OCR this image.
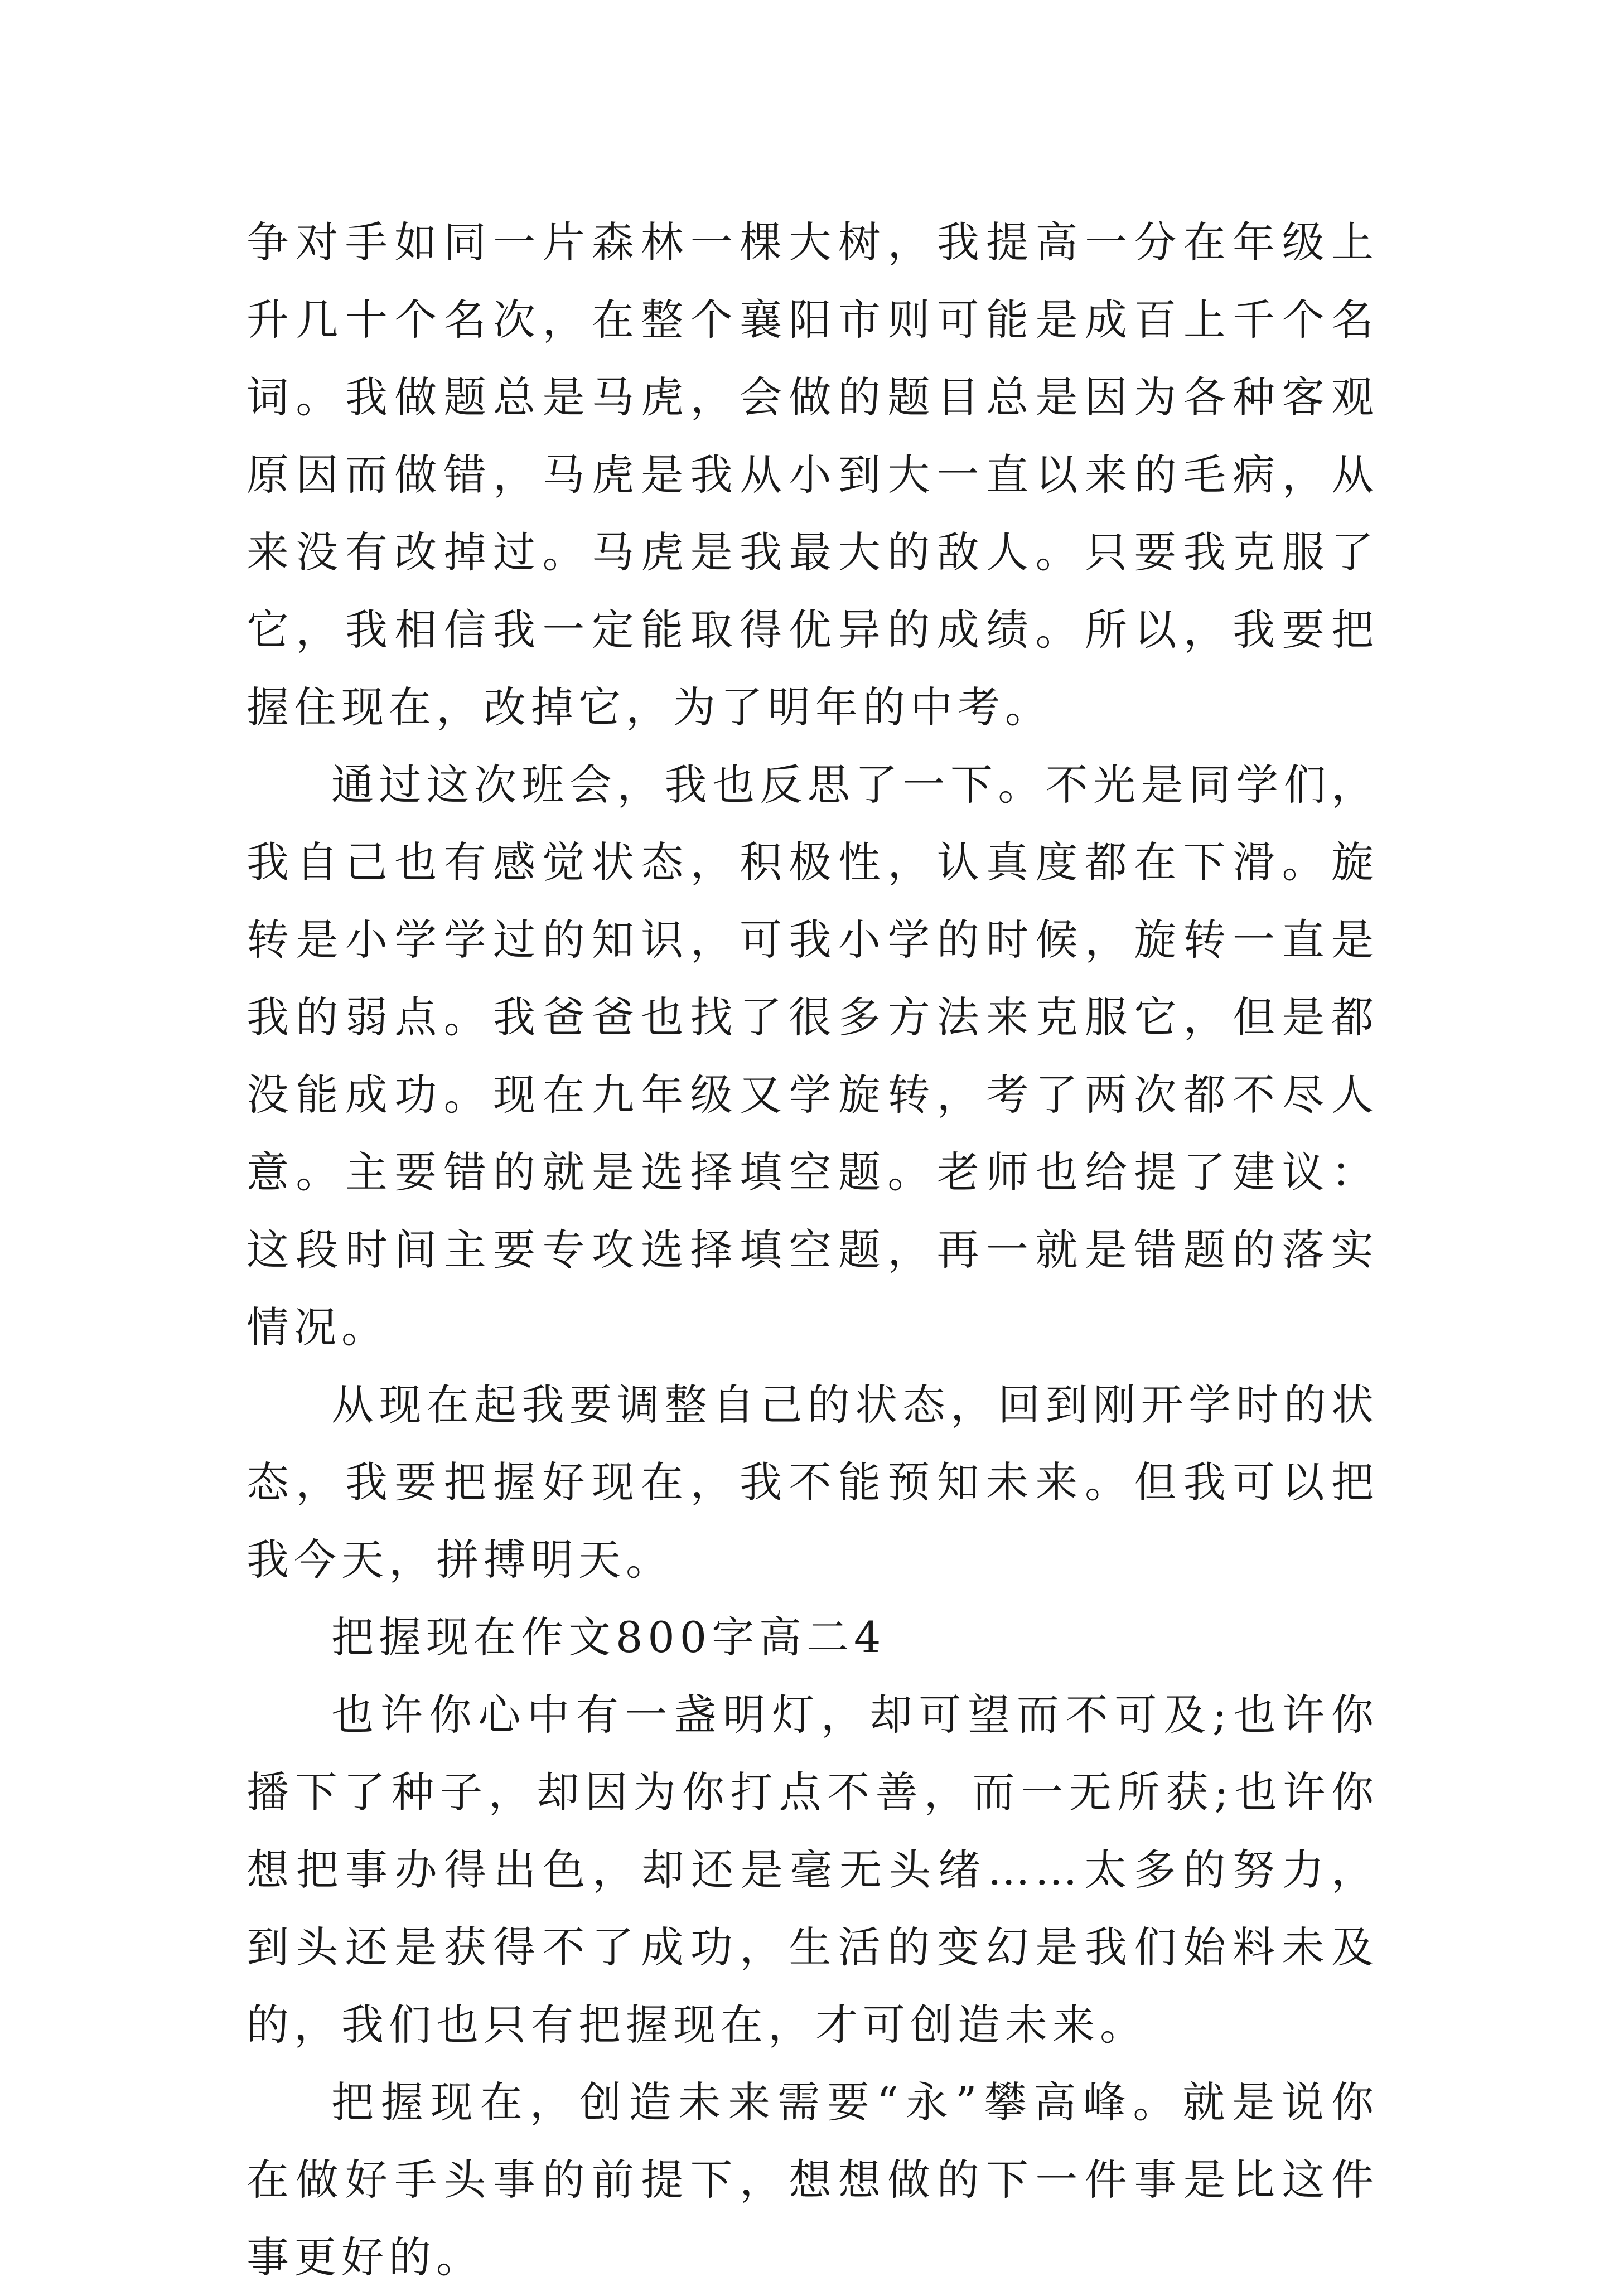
争对手如同一片森林一棵大树，我提高一分在年级上升几十个名次，在整个襄阳市则可能是成百上千个名词。我做题总是马虎，会做的题目总是因为各种客观原因而做错，马虎是我从小到大一直以来的毛病，从来没有改掉过。马虎是我最大的敌人。只要我克服了它，我相信我一定能取得优异的成绩。所以，我要把握住现在，改掉它，为了明年的中考。

通过这次班会，我也反思了一下。不光是同学们，我自己也有感觉状态，积极性，认真度都在下滑。旋转是小学学过的知识，可我小学的时候，旋转一直是我的弱点。我爸爸也找了很多方法来克服它，但是都没能成功。现在九年级又学旋转，考了两次都不尽人意。主要错的就是选择填空题。老师也给提了建议：这段时间主要专攻选择填空题，再一就是错题的落实情况。

从现在起我要调整自己的状态，回到刚开学时的状态，我要把握好现在，我不能预知未来。但我可以把我今天，拼搏明天。

把握现在作文800字高二4

也许你心中有一盏明灯，却可望而不可及;也许你播下了种子，却因为你打点不善，而一无所获;也许你想把事办得出色，却还是毫无头绪……太多的努力，到头还是获得不了成功，生活的变幻是我们始料未及的，我们也只有把握现在，才可创造未来。

把握现在，创造未来需要“永”攀高峰。就是说你在做好手头事的前提下，想想做的下一件事是比这件事更好的。
